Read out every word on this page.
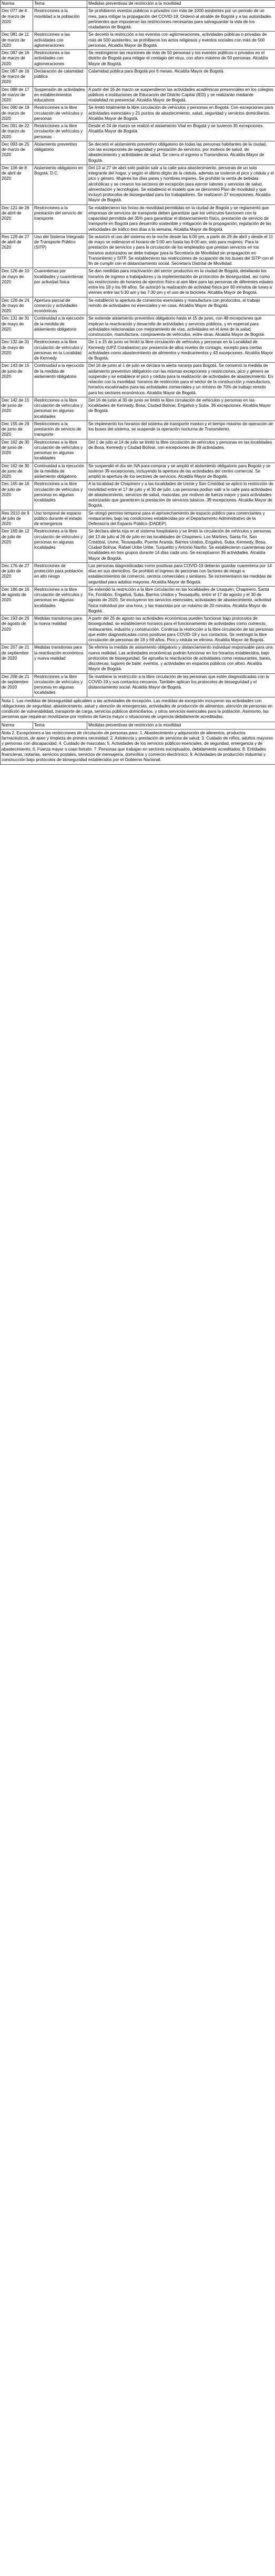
Norma	Tema	Medidas preventivas de restricción a la movilidad
Dec 077 de 4 de marzo de 2020	Restricciones a la movilidad a la población	Se prohibieron eventos públicos o privados con más de 1000 asistentes por un periodo de un mes, para mitigar la propagación del COVID-19. Ordenó al alcalde de Bogotá y a las autoridades pertinentes que impusieran las restricciones necesarias para salvaguardar la vida de los ciudadanos de Bogotá.
Dec 081 de 11 de marzo de 2020	Restricciones a las actividades con aglomeraciones	Se decretó la restricción a los eventos con aglomeraciones, actividades públicas o privadas de más de 500 asistentes, se prohibieron los actos religiosos y eventos sociales con más de 500 personas. Alcaldía Mayor de Bogotá.
Dec 087 de 16 de marzo de 2020	Restricciones a las actividades con aglomeraciones	Se restringieron las reuniones de más de 50 personas y los eventos públicos o privados en el distrito de Bogotá para mitigar el contagio del virus, con aforo máximo de 50 personas. Alcaldía Mayor de Bogotá.
Dec 087 de 16 de marzo de 2020	Declaración de calamidad pública	Calamidad pública para Bogotá por 6 meses. Alcaldía Mayor de Bogotá.
Dec 088 de 17 de marzo de 2020	Suspensión de actividades en establecimientos educativos	A partir del 16 de marzo se suspendieron las actividades académicas presenciales en los colegios públicos e instituciones de Educación del Distrito Capital (IED) y se realizarán mediante modalidad no presencial. Alcaldía Mayor de Bogotá.
Dec 090 de 19 de marzo de 2020	Restricciones a la libre circulación de vehículos y personas	Se limitó totalmente la libre circulación de vehículos y personas en Bogotá. Con excepciones para actividades esenciales y 21 puntos de abastecimiento, salud, seguridad y servicios domiciliarios. Alcaldía Mayor de Bogotá.
Dec 091 de 22 de marzo de 2020	Restricciones a la libre circulación de vehículos y personas	Desde el 24 de marzo se realizó el aislamiento Vital en Bogotá y se tuvieron 35 excepciones. Alcaldía Mayor de Bogotá.
Dec 093 de 25 de marzo de 2020	Aislamiento preventivo obligatorio	Se decretó el aislamiento preventivo obligatorio de todas las personas habitantes de la ciudad, con las excepciones de seguridad y prestación de servicios, por motivos de salud, de abastecimiento y actividades de salud. Se cierra el ingreso a Transmilenio. Alcaldía Mayor de Bogotá.
Dec 106 de 8 de abril de 2020	Aislamiento obligatorio en Bogotá, D.C.	Del 13 al 27 de abril solo podrán salir a la calle para abastecimiento, personas de un solo integrante del hogar, y según el último dígito de la cédula, además se tuvieron el pico y cédula y el pico y género. Mujeres los días pares y hombres impares. Se prohibió la venta de bebidas alcohólicas y se crearon los sectores de excepción para ejercer labores y servicios de salud, alimentación y tecnologías. Se estableció el modelo que se denominó Plan de movilidad y que incluyó protocolos de bioseguridad para los trabajadores. Se realizaron 37 excepciones. Alcaldía Mayor de Bogotá.
Dec 121 de 26 de abril de 2020	Restricciones a la prestación del servicio de transporte	Se establecieron las horas de movilidad permitidas en la ciudad de Bogotá y se reglamentó que empresas de servicios de transporte deben garantizar que los vehículos funcionen con la capacidad permitida del 35% para garantizar el distanciamiento físico, prestación de servicio de transporte en Bogotá para desarrollo sostenible y mitigación de la propagación, regulación de las velocidades de tráfico tres días a la semana. Alcaldía Mayor de Bogotá.
Res 129 de 27 de abril de 2020	Uso del Sistema Integrado de Transporte Público (SITP)	Se autorizó el uso del sistema en la noche desde las 6:00 pm, a partir de 29 de abril y desde el 11 de mayo se estimaron el horario de 5:00 am hasta las 8:00 am, solo para mujeres. Para la prestación de servicios y para la circulación de los empleados que prestan servicios en los horarios autorizados se debe trabajar para la Secretaría de Movilidad sin propagación en Transmilenio y SITP. Se establecieron las restricciones de ocupación de los buses del SITP con el fin de cumplir con el distanciamiento social. Secretaría Distrital de Movilidad.
Dec 126 de 10 de mayo de 2020	Cuarentenas por localidades y cuarentenas por actividad física	Se dan medidas para reactivación del sector productivo en la ciudad de Bogotá, detallando los horarios de ingreso a trabajadores y la implementación de protocolos de bioseguridad, así como las restricciones de horarios de ejercicio físico al aire libre para las personas de diferentes edades entre los 18 y los 69 años. Se autorizó la realización de actividad física por 60 minutos de lunes a viernes entre las 5:30 am y las 7:30 pm y el uso de la bicicleta. Alcaldía Mayor de Bogotá.
Dec 128 de 24 de mayo de 2020	Apertura parcial de comercio y actividades económicas	Se estableció la apertura de comercios esenciales y manufactura con protocolos, el trabajo remoto de actividades no esenciales y en casa. Alcaldía Mayor de Bogotá.
Dec 131 de 31 de mayo de 2020	Continuidad a la ejecución de la medida de aislamiento obligatorio	Se extiende aislamiento preventivo obligatorio hasta el 15 de junio, con 48 excepciones que implican la reactivación y desarrollo de actividades y servicios públicos, y en especial para actividades relacionadas con mejoramiento de vías, actividades en el área de la salud, construcción, manufactura, compraventa de vehículos, entre otras. Alcaldía Mayor de Bogotá.
Dec 132 de 31 de mayo de 2020	Restricciones a la libre circulación de vehículos y personas en la Localidad de Kennedy	De 1 a 15 de junio se limitó la libre circulación de vehículos y personas en la Localidad de Kennedy (UPZ Corabastos) por presencia de altos niveles de contagio, excepto para ciertas actividades como abastecimiento de alimentos y medicamentos y 43 excepciones. Alcaldía Mayor de Bogotá.
Dec 143 de 15 de junio de 2020	Continuidad a la ejecución de la medida de aislamiento obligatorio	Del 16 de junio al 1 de julio se declara la alerta naranja para Bogotá. Se conservó la medida de aislamiento preventivo obligatorio con las mismas excepciones y restricciones, pico y género se suspende y se establece el pico y cédula para la realización de actividades de abastecimiento. En relación con la movilidad: horarios de restricción para el sector de la construcción y manufactura, horarios escalonados para las actividades comerciales y un mínimo de 70% de trabajo remoto para los sectores económicos. Alcaldía Mayor de Bogotá.
Dec 142 de 15 de junio de 2020	Restricciones a la libre circulación de vehículos y personas en algunas localidades	Del 16 de junio al 30 de junio se limitó la libre circulación de vehículos y personas en las localidades de Kennedy, Bosa, Ciudad Bolívar, Engativá y Suba. 36 excepciones. Alcaldía Mayor de Bogotá.
Dec 155 de 29 de junio de 2020	Restricciones a la prestación de servicio de transporte	Se implementó los horarios del sistema de transporte masivo y el tiempo máximo de operación de los buses del sistema, se suspende la operación nocturna de Transmilenio.
Dec 162 de 30 de junio de 2020	Restricciones a la libre circulación de vehículos y personas en algunas localidades	Del 1 de julio al 14 de julio se limitó la libre circulación de vehículos y personas en las localidades de Bosa, Kennedy y Ciudad Bolívar, con excepciones de 39 actividades.
Dec 162 de 30 de junio de 2020	Continuidad a la ejecución de la medida de aislamiento obligatorio	Se suspendió el día sin IVA para comprar y se amplió el aislamiento obligatorio para Bogotá y se tuvieron 39 excepciones, incluyendo la apertura de las actividades del centro comercial. Se amplió la apertura de los sectores de servicios. Alcaldía Mayor de Bogotá.
Dec 165 de 16 de julio de 2020	Restricciones a la libre circulación de vehículos y personas en algunas localidades	A la localidad de Chapinero y a las localidades de Usme y San Cristóbal se aplicó la restricción de movilidad entre el 17 de julio y el 30 de julio. Las personas podían salir a la calle para actividades de abastecimiento, servicios de salud, mascotas, por motivos de fuerza mayor y para actividades autorizadas que garanticen la prestación de servicios básicos. 39 excepciones. Alcaldía Mayor de Bogotá.
Res 2010 de 9 de julio de 2020	Uso temporal de espacio público durante el estado de emergencia	Se otorgó permiso temporal para el aprovechamiento de espacio público para comerciantes y restaurantes, bajo las condiciones establecidas por el Departamento Administrativo de la Defensoría del Espacio Público (DADEP).
Dec 169 de 12 de julio de 2020	Restricciones a la libre circulación de vehículos y personas en algunas localidades	Se declara alerta roja en el sistema hospitalario y se limitó la circulación de vehículos y personas del 13 de julio al 26 de julio en las localidades de Chapinero, Los Mártires, Santa Fe, San Cristóbal, Usme, Teusaquillo, Puente Aranda, Barrios Unidos, Engativá, Suba, Kennedy, Bosa, Ciudad Bolívar, Rafael Uribe Uribe, Tunjuelito y Antonio Nariño. Se establecieron cuarentenas por localidades en tres grupos durante 14 días cada uno. Se exceptuaron 39 actividades. Alcaldía Mayor de Bogotá.
Dec 176 de 27 de julio de 2020	Restricciones de protección para población en alto riesgo	Las personas diagnosticadas como positivas para COVID-19 deberán guardar cuarentena por 14 días en sus domicilios. Se prohibió el ingreso de personas con factores de riesgo a establecimientos de comercio, centros comerciales y similares. Se incrementaron las medidas de seguridad para adultos mayores. Alcaldía Mayor de Bogotá.
Dec 186 de 16 de agosto de 2020	Restricciones a la libre circulación de vehículos y personas en algunas localidades	Se extendió la restricción a la libre circulación en las localidades de Usaquén, Chapinero, Santa Fe, Fontibón, Engativá, Suba, Barrios Unidos y Teusaquillo, entre el 17 de agosto y el 30 de agosto de 2020. Se excluyeron los servicios esenciales, actividades de abastecimiento, actividad física individual por una hora, y las mascotas por un máximo de 20 minutos. Alcaldía Mayor de Bogotá.
Dec 193 de 26 de agosto de 2020	Medidas transitorias para la nueva realidad	A partir del 26 de agosto las actividades económicas pueden funcionar bajo protocolos de bioseguridad, se establecieron horarios para el funcionamiento de actividades como comercio, restaurantes, industria y construcción. Continúa la restricción a la libre circulación de las personas que estén diagnosticadas como positivas para COVID-19 y sus contactos. Se restringió la libre circulación de personas de 18 y 69 años. Pico y cédula se elimina. Alcaldía Mayor de Bogotá.
Dec 207 de 21 de septiembre de 2020	Medidas transitorias para la reactivación económica y nueva realidad	Se elimina la medida de aislamiento obligatorio y distanciamiento individual responsable para una nueva realidad. Las actividades económicas podrán funcionar en los horarios establecidos, bajo protocolos de bioseguridad. Se aprueba la reactivación de actividades como restaurantes, bares, discotecas, lugares de baile, eventos, y actividades en espacios públicos con aforo. Alcaldía Mayor de Bogotá.
Dec 208 de 21 de septiembre de 2020	Restricciones a la libre circulación de vehículos y personas en algunas localidades	Se mantiene la restricción a la libre circulación de las personas que estén diagnosticadas con la COVID-19 y sus contactos cercanos. También aplican los protocolos de bioseguridad y el distanciamiento social. Alcaldía Mayor de Bogotá.
Nota 1. Las medidas de bioseguridad aplicables a las actividades de excepción. Las medidas de excepción incluyeron las actividades con obligaciones de seguridad, abastecimiento, salud y atención de emergencias, actividades de producción de alimentos, atención de personas en condición de vulnerabilidad, transporte de carga, servicios públicos domiciliarios, y otros servicios esenciales para la población. Asimismo, las personas que requieran movilizarse por motivos de fuerza mayor o situaciones de urgencia debidamente acreditadas.		
Norma	Tema	Medidas preventivas de restricción a la movilidad
Nota 2. Excepciones a las restricciones de circulación de personas para: 1. Abastecimiento y adquisición de alimentos, productos farmacéuticos, de aseo y limpieza de primera necesidad; 2. Asistencia y prestación de servicios de salud; 3. Cuidado de niños, adultos mayores y personas con discapacidad; 4. Cuidado de mascotas; 5. Actividades de los servicios públicos esenciales, de seguridad, emergencia y de abastecimiento; 6. Fuerza mayor o caso fortuito; 7. Personas que trabajan en sectores exceptuados, debidamente acreditados; 8. Entidades financieras, notarías, servicios postales, servicios de mensajería, domicilios y comercio electrónico; 9. Actividades de producción industrial y construcción bajo protocolos de bioseguridad establecidos por el Gobierno Nacional.		
